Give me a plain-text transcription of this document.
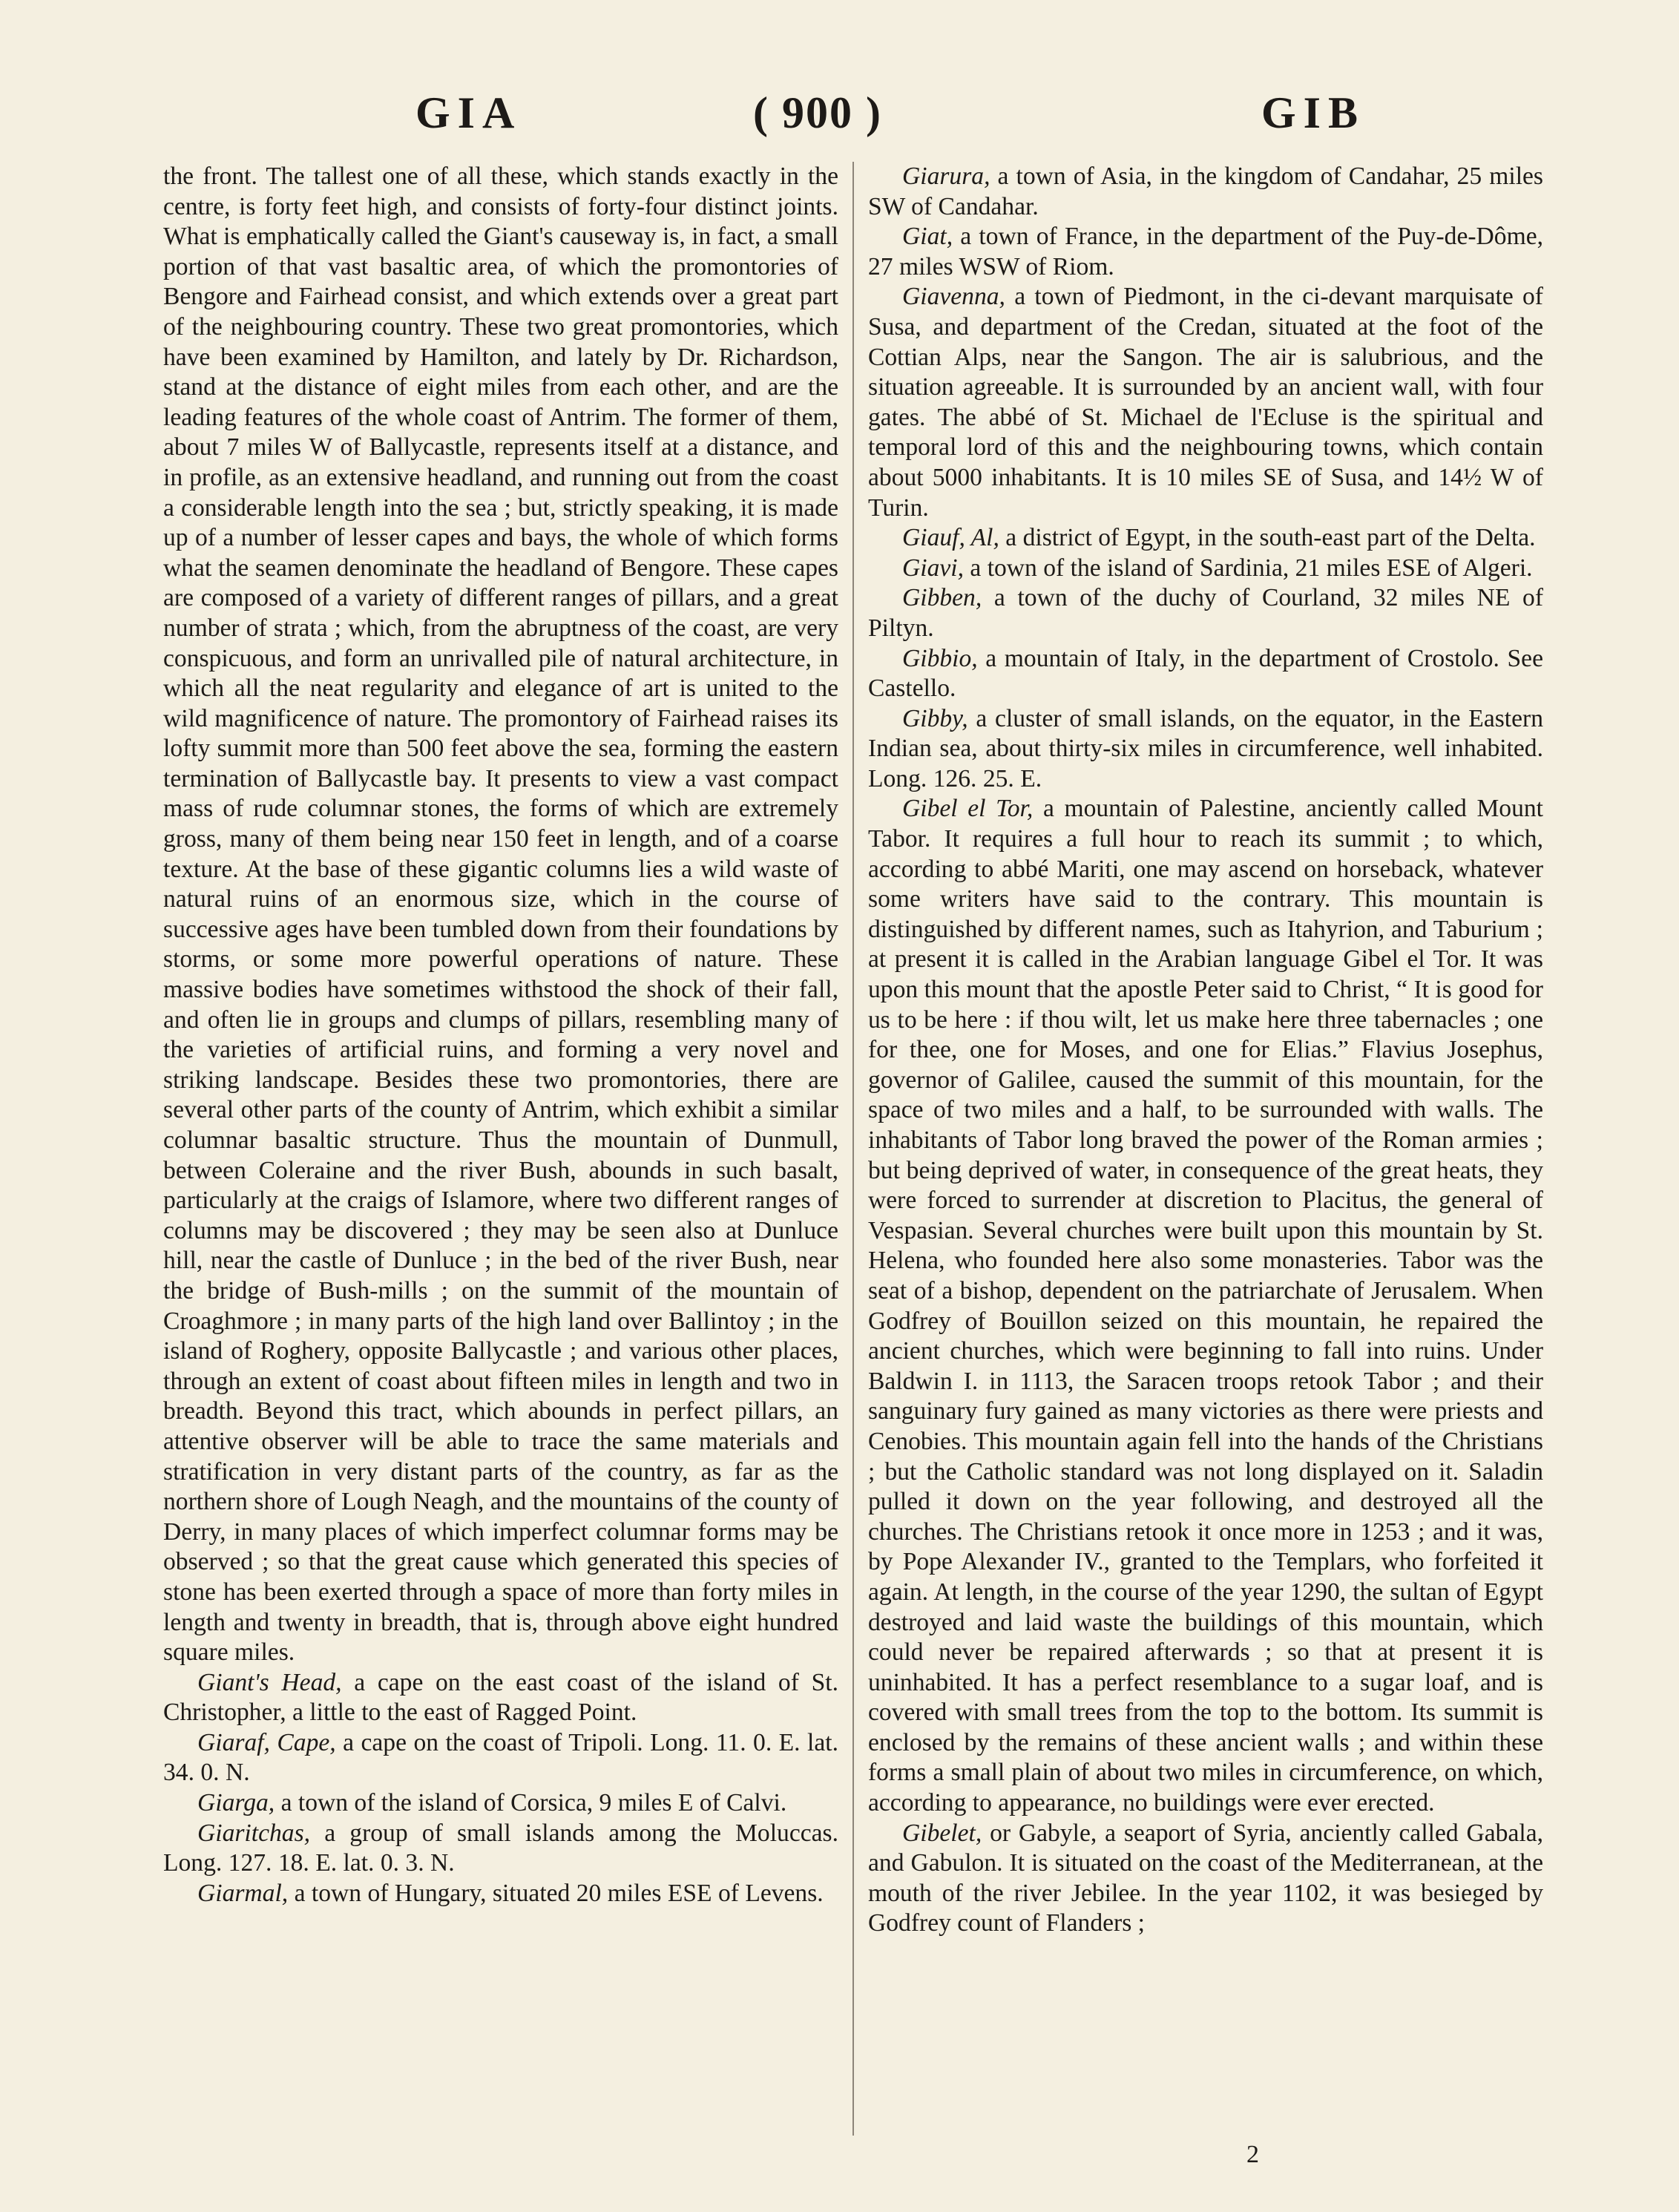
GIA	( 900 )	GIB

the front. The tallest one of all these, which stands exactly in the centre, is forty feet high, and consists of forty-four distinct joints. What is emphatically called the Giant's causeway is, in fact, a small portion of that vast basaltic area, of which the promontories of Bengore and Fairhead consist, and which extends over a great part of the neighbouring country. These two great promontories, which have been examined by Hamilton, and lately by Dr. Richardson, stand at the distance of eight miles from each other, and are the leading features of the whole coast of Antrim. The former of them, about 7 miles W of Ballycastle, represents itself at a distance, and in profile, as an extensive headland, and running out from the coast a considerable length into the sea ; but, strictly speaking, it is made up of a number of lesser capes and bays, the whole of which forms what the seamen denominate the headland of Bengore. These capes are composed of a variety of different ranges of pillars, and a great number of strata ; which, from the abruptness of the coast, are very conspicuous, and form an unrivalled pile of natural architecture, in which all the neat regularity and elegance of art is united to the wild magnificence of nature. The promontory of Fairhead raises its lofty summit more than 500 feet above the sea, forming the eastern termination of Ballycastle bay. It presents to view a vast compact mass of rude columnar stones, the forms of which are extremely gross, many of them being near 150 feet in length, and of a coarse texture. At the base of these gigantic columns lies a wild waste of natural ruins of an enormous size, which in the course of successive ages have been tumbled down from their foundations by storms, or some more powerful operations of nature. These massive bodies have sometimes withstood the shock of their fall, and often lie in groups and clumps of pillars, resembling many of the varieties of artificial ruins, and forming a very novel and striking landscape. Besides these two promontories, there are several other parts of the county of Antrim, which exhibit a similar columnar basaltic structure. Thus the mountain of Dunmull, between Coleraine and the river Bush, abounds in such basalt, particularly at the craigs of Islamore, where two different ranges of columns may be discovered ; they may be seen also at Dunluce hill, near the castle of Dunluce ; in the bed of the river Bush, near the bridge of Bush-mills ; on the summit of the mountain of Croaghmore ; in many parts of the high land over Ballintoy ; in the island of Roghery, opposite Ballycastle ; and various other places, through an extent of coast about fifteen miles in length and two in breadth. Beyond this tract, which abounds in perfect pillars, an attentive observer will be able to trace the same materials and stratification in very distant parts of the country, as far as the northern shore of Lough Neagh, and the mountains of the county of Derry, in many places of which imperfect columnar forms may be observed ; so that the great cause which generated this species of stone has been exerted through a space of more than forty miles in length and twenty in breadth, that is, through above eight hundred square miles.

Giant's Head, a cape on the east coast of the island of St. Christopher, a little to the east of Ragged Point.

Giaraf, Cape, a cape on the coast of Tripoli. Long. 11. 0. E. lat. 34. 0. N.

Giarga, a town of the island of Corsica, 9 miles E of Calvi.

Giaritchas, a group of small islands among the Moluccas. Long. 127. 18. E. lat. 0. 3. N.

Giarmal, a town of Hungary, situated 20 miles ESE of Levens.

Giarura, a town of Asia, in the kingdom of Candahar, 25 miles SW of Candahar.

Giat, a town of France, in the department of the Puy-de-Dôme, 27 miles WSW of Riom.

Giavenna, a town of Piedmont, in the ci-devant marquisate of Susa, and department of the Credan, situated at the foot of the Cottian Alps, near the Sangon. The air is salubrious, and the situation agreeable. It is surrounded by an ancient wall, with four gates. The abbé of St. Michael de l'Ecluse is the spiritual and temporal lord of this and the neighbouring towns, which contain about 5000 inhabitants. It is 10 miles SE of Susa, and 14½ W of Turin.

Giauf, Al, a district of Egypt, in the south-east part of the Delta.

Giavi, a town of the island of Sardinia, 21 miles ESE of Algeri.

Gibben, a town of the duchy of Courland, 32 miles NE of Piltyn.

Gibbio, a mountain of Italy, in the department of Crostolo. See Castello.

Gibby, a cluster of small islands, on the equator, in the Eastern Indian sea, about thirty-six miles in circumference, well inhabited. Long. 126. 25. E.

Gibel el Tor, a mountain of Palestine, anciently called Mount Tabor. It requires a full hour to reach its summit ; to which, according to abbé Mariti, one may ascend on horseback, whatever some writers have said to the contrary. This mountain is distinguished by different names, such as Itahyrion, and Taburium ; at present it is called in the Arabian language Gibel el Tor. It was upon this mount that the apostle Peter said to Christ, “ It is good for us to be here : if thou wilt, let us make here three tabernacles ; one for thee, one for Moses, and one for Elias.” Flavius Josephus, governor of Galilee, caused the summit of this mountain, for the space of two miles and a half, to be surrounded with walls. The inhabitants of Tabor long braved the power of the Roman armies ; but being deprived of water, in consequence of the great heats, they were forced to surrender at discretion to Placitus, the general of Vespasian. Several churches were built upon this mountain by St. Helena, who founded here also some monasteries. Tabor was the seat of a bishop, dependent on the patriarchate of Jerusalem. When Godfrey of Bouillon seized on this mountain, he repaired the ancient churches, which were beginning to fall into ruins. Under Baldwin I. in 1113, the Saracen troops retook Tabor ; and their sanguinary fury gained as many victories as there were priests and Cenobies. This mountain again fell into the hands of the Christians ; but the Catholic standard was not long displayed on it. Saladin pulled it down on the year following, and destroyed all the churches. The Christians retook it once more in 1253 ; and it was, by Pope Alexander IV., granted to the Templars, who forfeited it again. At length, in the course of the year 1290, the sultan of Egypt destroyed and laid waste the buildings of this mountain, which could never be repaired afterwards ; so that at present it is uninhabited. It has a perfect resemblance to a sugar loaf, and is covered with small trees from the top to the bottom. Its summit is enclosed by the remains of these ancient walls ; and within these forms a small plain of about two miles in circumference, on which, according to appearance, no buildings were ever erected.

Gibelet, or Gabyle, a seaport of Syria, anciently called Gabala, and Gabulon. It is situated on the coast of the Mediterranean, at the mouth of the river Jebilee. In the year 1102, it was besieged by Godfrey count of Flanders ;

2
